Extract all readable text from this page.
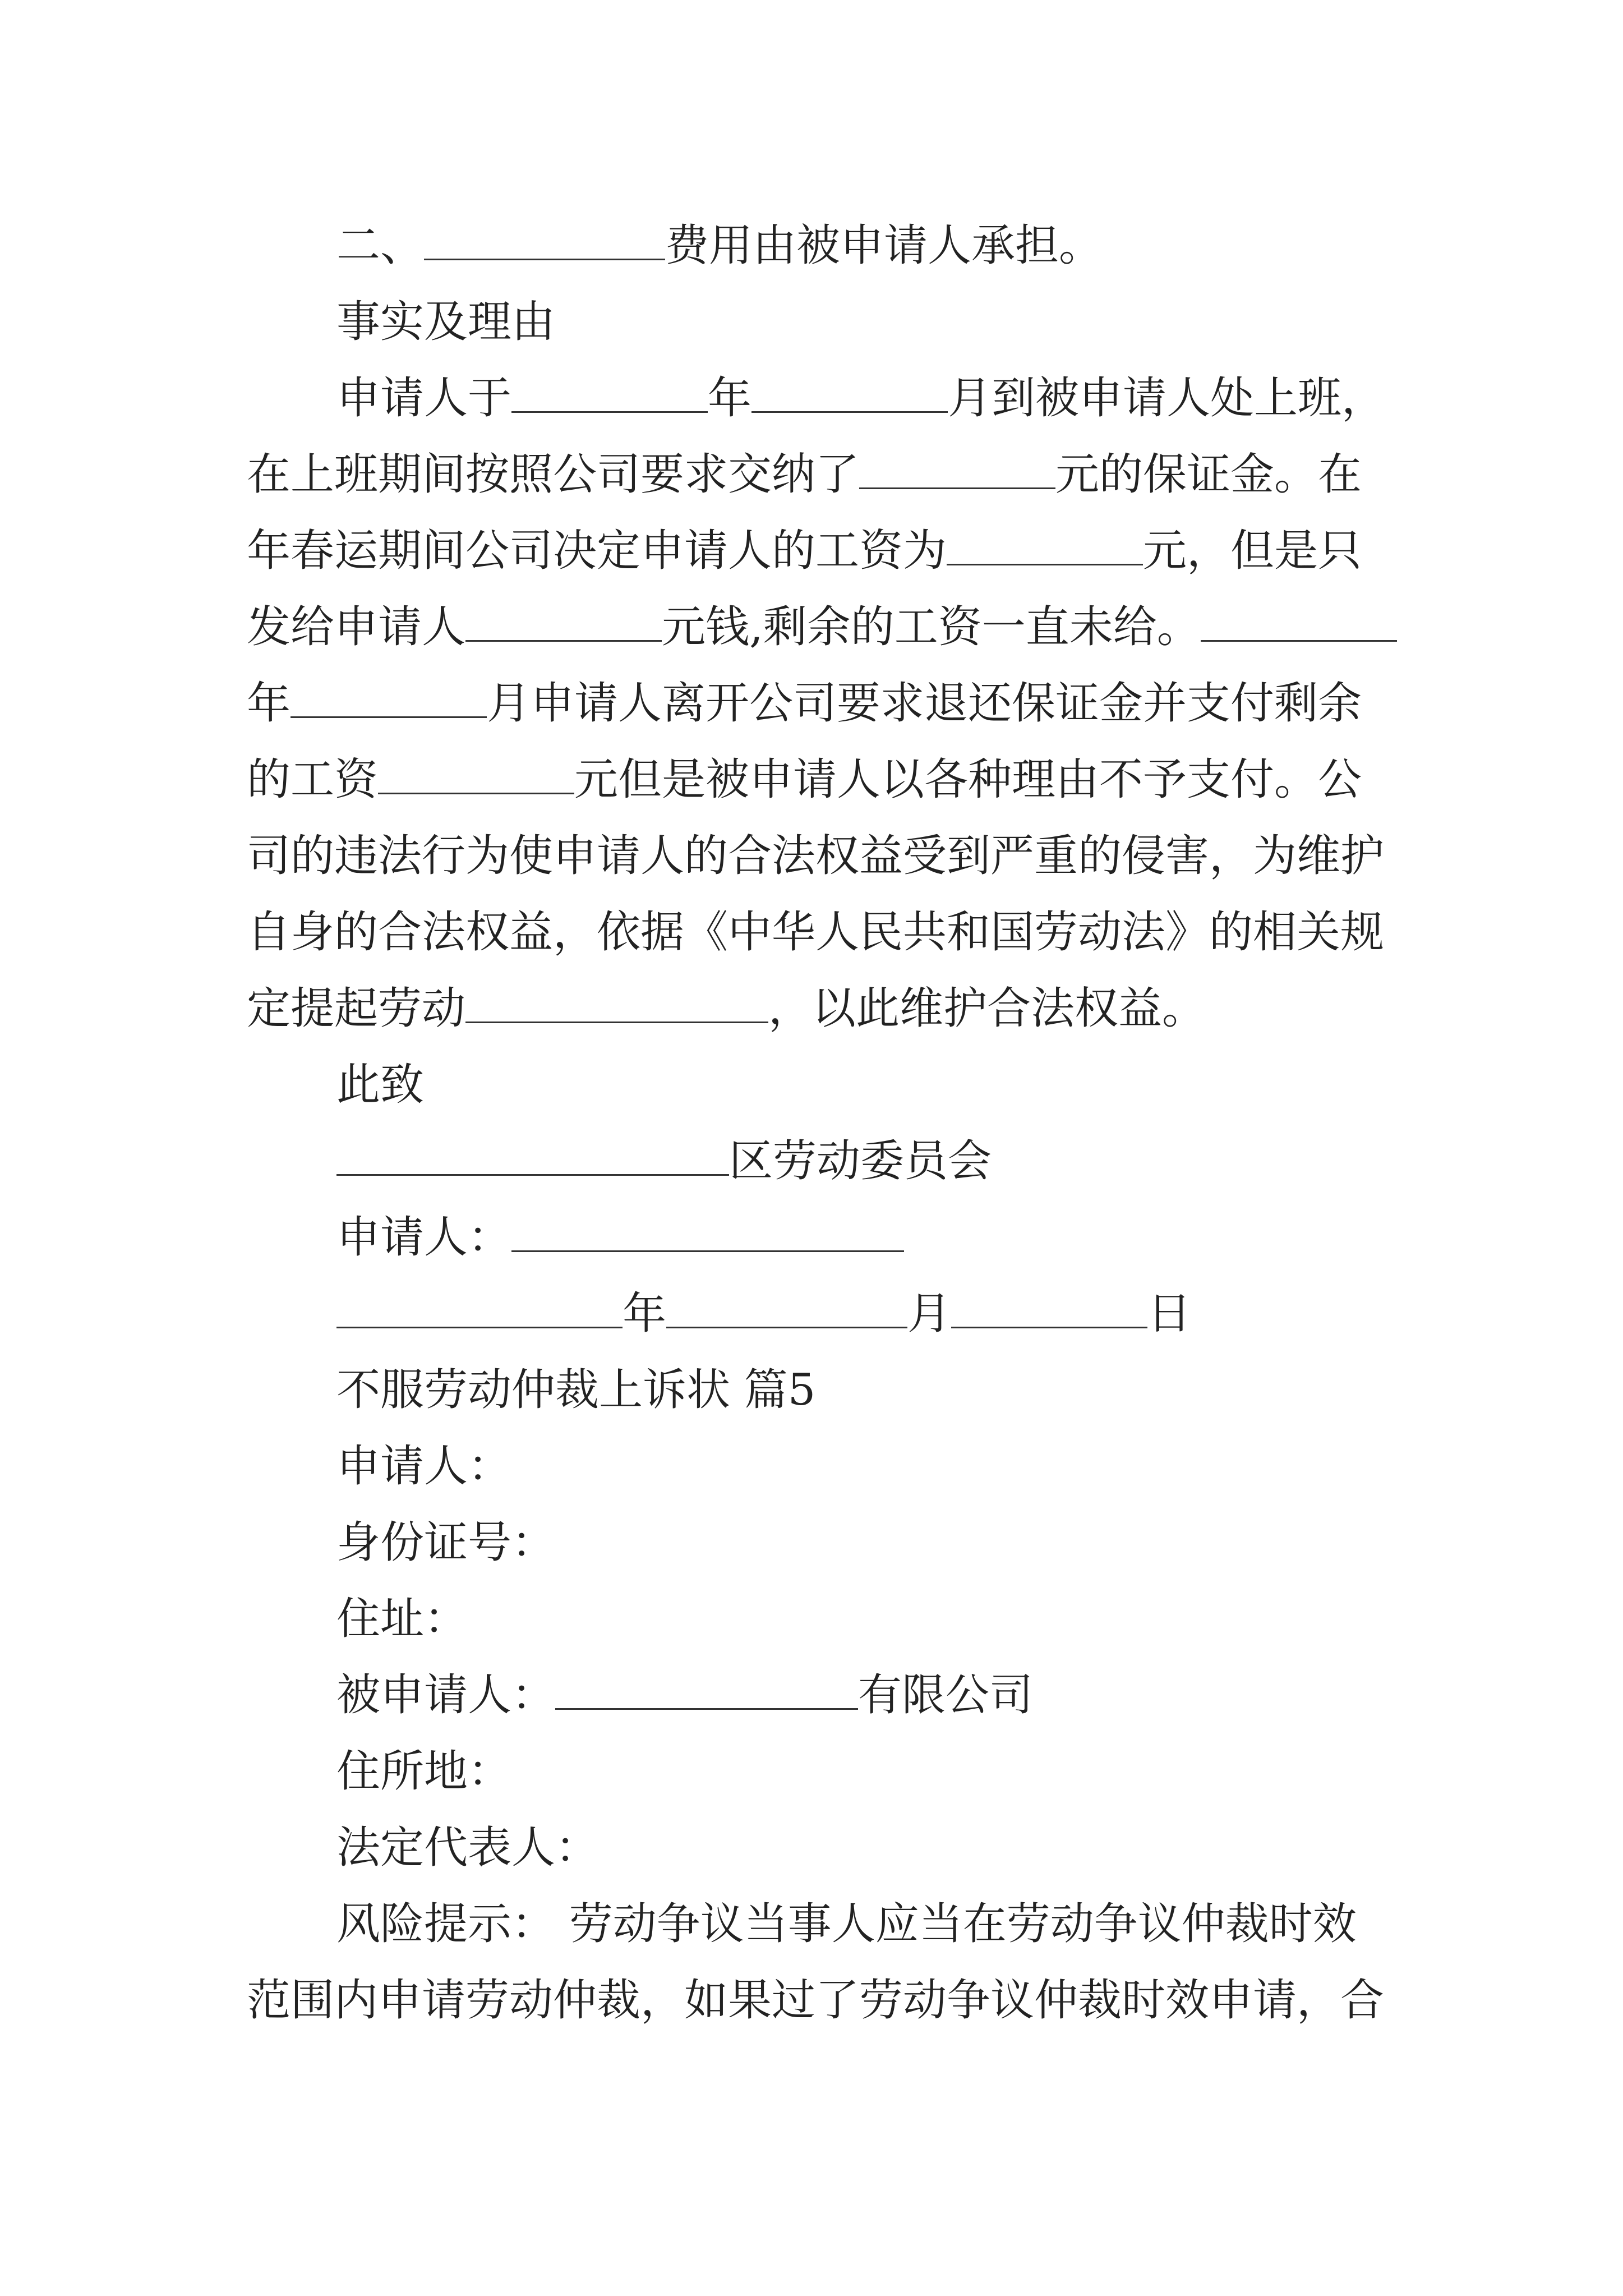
二、	费用由被申请人承担。
事实及理由
申请人于	年	月到被申请人处上班，
在上班期间按照公司要求交纳了	元的保证金。在
年春运期间公司决定申请人的工资为	元，但是只
发给申请人	元钱,剩余的工资一直未给。
年	月申请人离开公司要求退还保证金并支付剩余
的工资	元但是被申请人以各种理由不予支付。公
司的违法行为使申请人的合法权益受到严重的侵害，为维护
自身的合法权益，依据《中华人民共和国劳动法》的相关规
定提起劳动	，以此维护合法权益。
此致
区劳动委员会
申请人：
年	月	日
不服劳动仲裁上诉状 篇5
申请人：
身份证号：
住址：
被申请人：	有限公司
住所地：
法定代表人：
风险提示： 劳动争议当事人应当在劳动争议仲裁时效
范围内申请劳动仲裁，如果过了劳动争议仲裁时效申请，合
